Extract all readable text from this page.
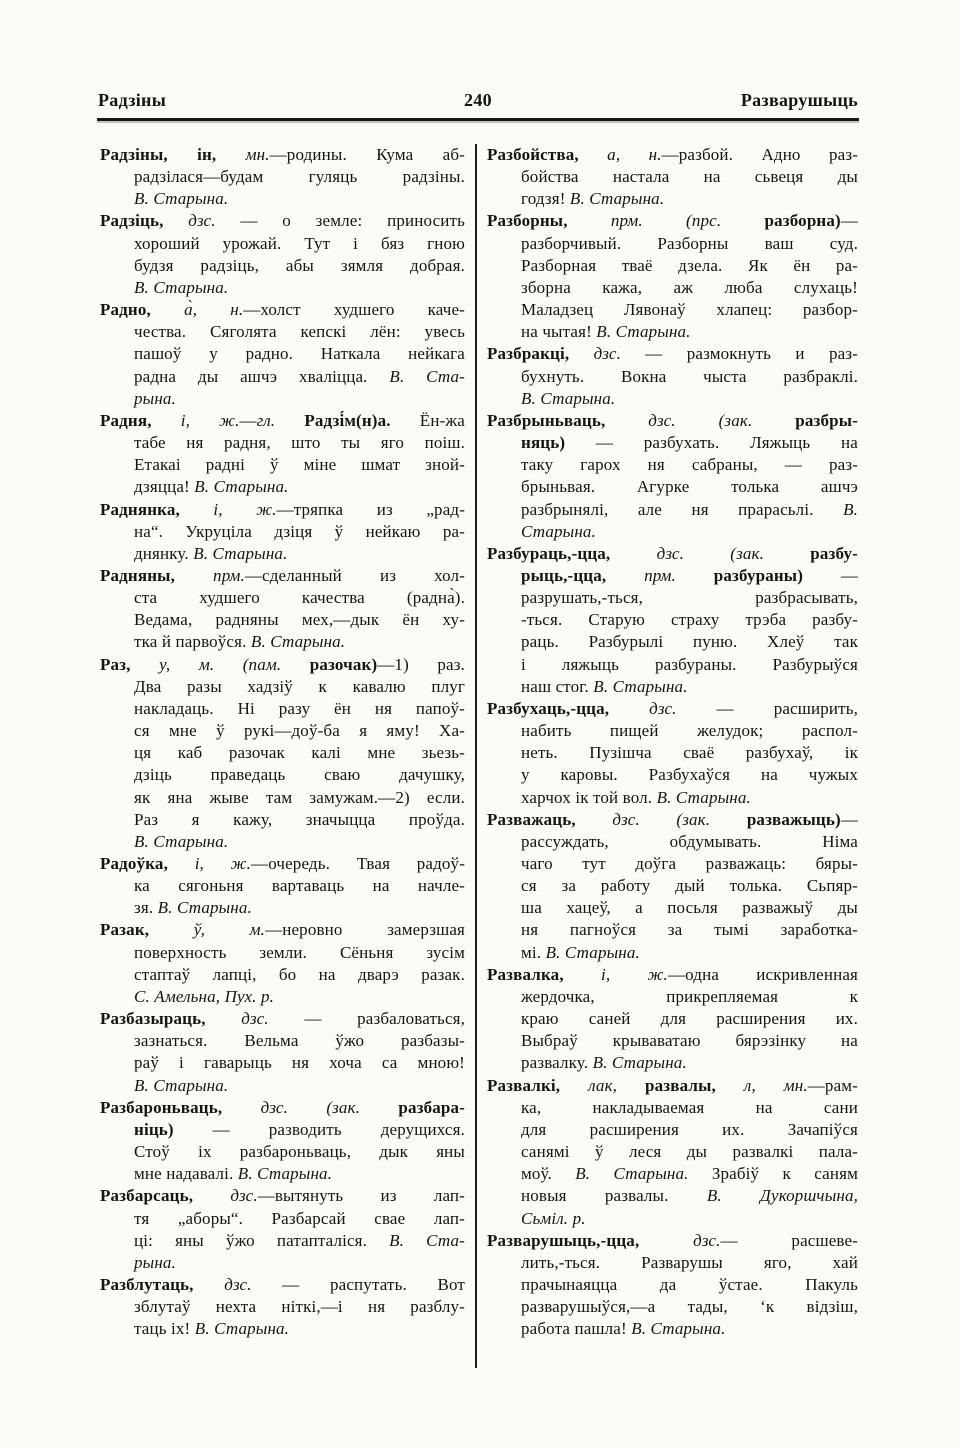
Радзіны	240	Разварушыць
Радзіны, ін, мн.—родины. Кума аб-
радзілася—будам гуляць радзіны.
В. Старына.
Радзіць, дзс. — о земле: приносить
хороший урожай. Тут і бяз гною
будзя радзіць, абы зямля добрая.
В. Старына.
Радно, а̀, н.—холст худшего каче-
чества. Сяголята кепскі лён: увесь
пашоў у радно. Наткала нейкага
радна ды ашчэ хваліцца. В. Ста-
рына.
Радня, і, ж.—гл. Радзі́м(н)а. Ён-жа
табе ня радня, што ты яго поіш.
Етакаі радні ў міне шмат зной-
дзяцца! В. Старына.
Раднянка, і, ж.—тряпка из „рад-
на“. Укруціла дзіця ў нейкаю ра-
днянку. В. Старына.
Радняны, прм.—сделанный из хол-
ста худшего качества (радна̀).
Ведама, радняны мех,—дык ён ху-
тка й парвоўся. В. Старына.
Раз, у, м. (пам. разочак)—1) раз.
Два разы хадзіў к кавалю плуг
накладаць. Ні разу ён ня папоў-
ся мне ў рукі—доў-ба я яму! Ха-
ця каб разочак калі мне зьезь-
дзіць праведаць сваю дачушку,
як яна жыве там замужам.—2) если.
Раз я кажу, значыцца проўда.
В. Старына.
Радоўка, і, ж.—очередь. Твая радоў-
ка сягоньня вартаваць на начле-
зя. В. Старына.
Разак, ў, м.—неровно замерзшая
поверхность земли. Сёньня зусім
стаптаў лапці, бо на дварэ разак.
С. Амельна, Пух. р.
Разбазыраць, дзс. — разбаловаться,
зазнаться. Вельма ўжо разбазы-
раў і гаварыць ня хоча са мною!
В. Старына.
Разбароньваць, дзс. (зак. разбара-
ніць) — разводить дерущихся.
Стоў іх разбароньваць, дык яны
мне надавалі. В. Старына.
Разбарсаць, дзс.—вытянуть из лап-
тя „аборы“. Разбарсай свае лап-
ці: яны ўжо патапталіся. В. Ста-
рына.
Разблутаць, дзс. — распутать. Вот
зблутаў нехта ніткі,—і ня разблу-
таць іх! В. Старына.
Разбойства, а, н.—разбой. Адно раз-
бойства настала на сьвеця ды
годзя! В. Старына.
Разборны, прм. (прс.	разборна)—
разборчивый. Разборны ваш суд.
Разборная тваё дзела. Як ён ра-
зборна кажа, аж люба слухаць!
Маладзец Лявонаў хлапец: разбор-
на чытая! В. Старына.
Разбракці, дзс. — размокнуть и раз-
бухнуть. Вокна чыста разбраклі.
В. Старына.
Разбрыньваць, дзс. (зак.	разбры-
няць) — разбухать. Ляжыць на
таку гарох ня сабраны, — раз-
брыньвая. Агурке толька ашчэ
разбрынялі, але ня прарасьлі. В.
Старына.
Разбураць,-цца, дзс. (зак.	разбу-
рыць,-цца, прм. разбураны) —
разрушать,-ться, разбрасывать,
-ться. Старую страху трэба разбу-
раць. Разбурылі пуню. Хлеў так
і ляжыць разбураны. Разбурыўся
наш стог. В. Старына.
Разбухаць,-цца, дзс. — расширить,
набить пищей желудок; распол-
неть. Пузішча сваё разбухаў, ік
у каровы. Разбухаўся на чужых
харчох ік той вол. В. Старына.
Разважаць, дзс. (зак. разважыць)—
рассуждать, обдумывать. Німа
чаго тут доўга разважаць: бяры-
ся за работу дый толька. Сьпяр-
ша хацеў, а посьля разважыў ды
ня пагноўся за тымі заработка-
мі. В. Старына.
Развалка, і, ж.—одна искривленная
жердочка, прикрепляемая к
краю саней для расширения их.
Выбраў крываватаю бярэзінку на
развалку. В. Старына.
Развалкі, лак, развалы, л, мн.—рам-
ка, накладываемая на сани
для расширения их. Зачапіўся
санямі ў леся ды развалкі пала-
моў. В. Старына. Зрабіў к саням
новыя развалы. В. Дукоршчына,
Сьміл. р.
Разварушыць,-цца, дзс.— расшеве-
лить,-ться. Разварушы яго, хай
прачынаяцца да ўстае. Пакуль
разварушыўся,—а тады, ‘к відзіш,
работа пашла! В. Старына.
